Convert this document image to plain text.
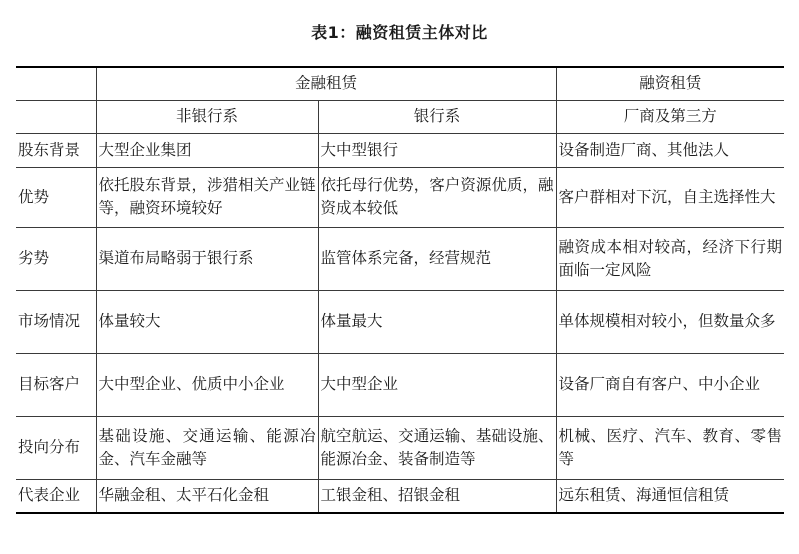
表1：融资租赁主体对比
	金融租赁		融资租赁
	非银行系	银行系	厂商及第三方
股东背景	大型企业集团	大中型银行	设备制造厂商、其他法人
优势	依托股东背景，涉猎相关产业链等，融资环境较好	依托母行优势，客户资源优质，融资成本较低	客户群相对下沉，自主选择性大
劣势	渠道布局略弱于银行系	监管体系完备，经营规范	融资成本相对较高，经济下行期面临一定风险
市场情况	体量较大	体量最大	单体规模相对较小，但数量众多
目标客户	大中型企业、优质中小企业	大中型企业	设备厂商自有客户、中小企业
投向分布	基础设施、交通运输、能源冶金、汽车金融等	航空航运、交通运输、基础设施、能源冶金、装备制造等	机械、医疗、汽车、教育、零售等
代表企业	华融金租、太平石化金租	工银金租、招银金租	远东租赁、海通恒信租赁
